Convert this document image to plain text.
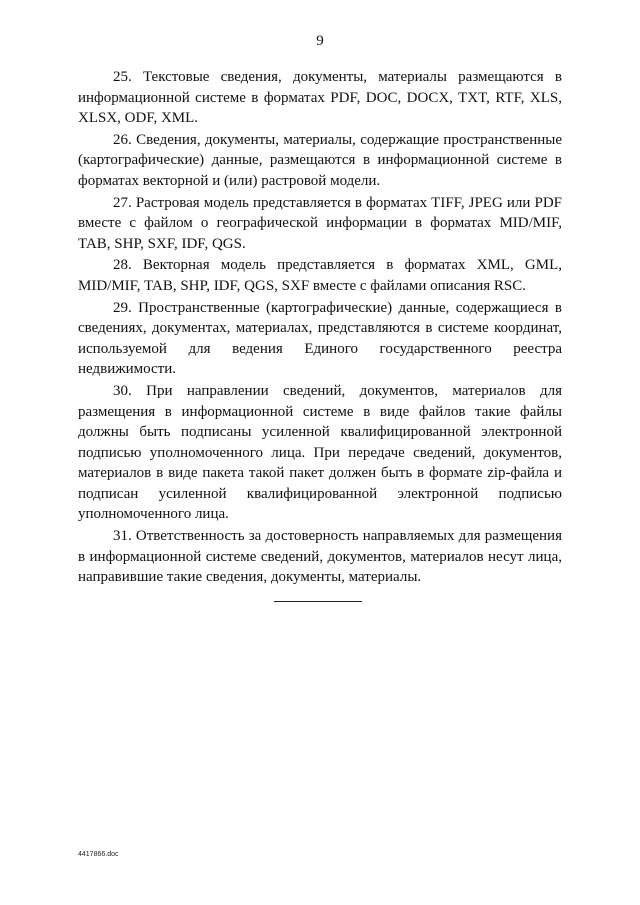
9

25. Текстовые сведения, документы, материалы размещаются в информационной системе в форматах PDF, DOC, DOCX, TXT, RTF, XLS, XLSX, ODF, XML.

26. Сведения, документы, материалы, содержащие пространственные (картографические) данные, размещаются в информационной системе в форматах векторной и (или) растровой модели.

27. Растровая модель представляется в форматах TIFF, JPEG или PDF вместе с файлом о географической информации в форматах MID/MIF, TAB, SHP, SXF, IDF, QGS.

28. Векторная модель представляется в форматах XML, GML, MID/MIF, TAB, SHP, IDF, QGS, SXF вместе с файлами описания RSC.

29. Пространственные (картографические) данные, содержащиеся в сведениях, документах, материалах, представляются в системе координат, используемой для ведения Единого государственного реестра недвижимости.

30. При направлении сведений, документов, материалов для размещения в информационной системе в виде файлов такие файлы должны быть подписаны усиленной квалифицированной электронной подписью уполномоченного лица. При передаче сведений, документов, материалов в виде пакета такой пакет должен быть в формате zip-файла и подписан усиленной квалифицированной электронной подписью уполномоченного лица.

31. Ответственность за достоверность направляемых для размещения в информационной системе сведений, документов, материалов несут лица, направившие такие сведения, документы, материалы.

4417866.doc
